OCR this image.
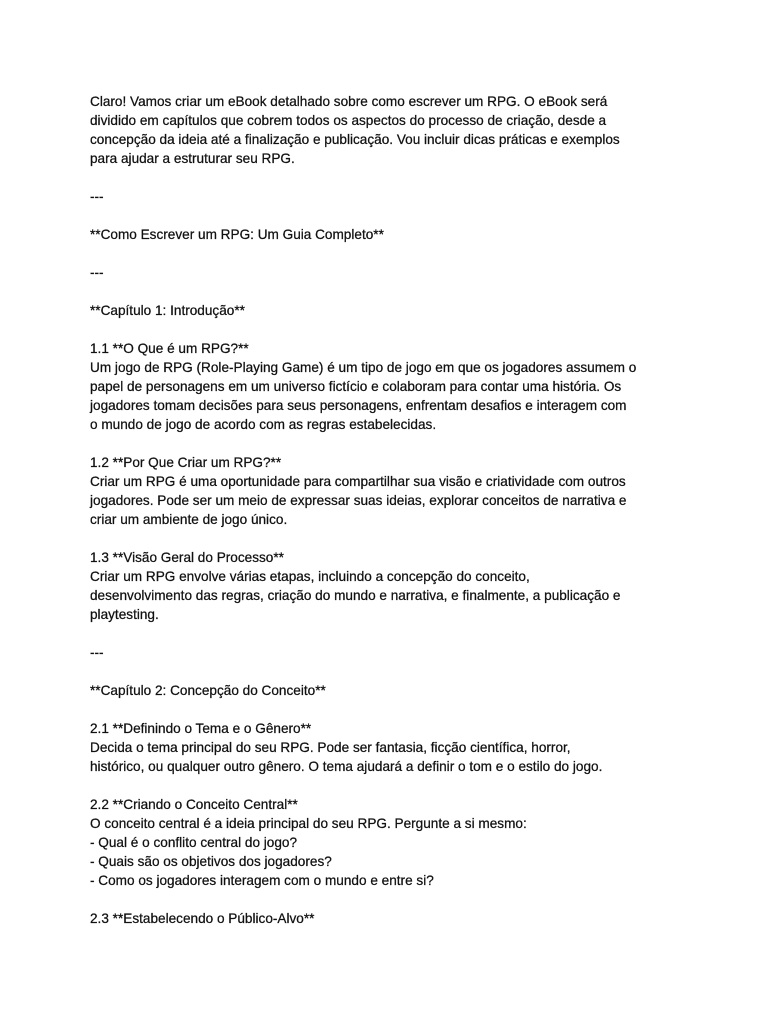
Claro! Vamos criar um eBook detalhado sobre como escrever um RPG. O eBook será
dividido em capítulos que cobrem todos os aspectos do processo de criação, desde a
concepção da ideia até a finalização e publicação. Vou incluir dicas práticas e exemplos
para ajudar a estruturar seu RPG.

---

**Como Escrever um RPG: Um Guia Completo**

---

**Capítulo 1: Introdução**

1.1 **O Que é um RPG?**

Um jogo de RPG (Role-Playing Game) é um tipo de jogo em que os jogadores assumem o
papel de personagens em um universo fictício e colaboram para contar uma história. Os
jogadores tomam decisões para seus personagens, enfrentam desafios e interagem com
o mundo de jogo de acordo com as regras estabelecidas.

1.2 **Por Que Criar um RPG?**

Criar um RPG é uma oportunidade para compartilhar sua visão e criatividade com outros
jogadores. Pode ser um meio de expressar suas ideias, explorar conceitos de narrativa e
criar um ambiente de jogo único.

1.3 **Visão Geral do Processo**

Criar um RPG envolve várias etapas, incluindo a concepção do conceito,
desenvolvimento das regras, criação do mundo e narrativa, e finalmente, a publicação e
playtesting.

---

**Capítulo 2: Concepção do Conceito**

2.1 **Definindo o Tema e o Gênero**

Decida o tema principal do seu RPG. Pode ser fantasia, ficção científica, horror,
histórico, ou qualquer outro gênero. O tema ajudará a definir o tom e o estilo do jogo.

2.2 **Criando o Conceito Central**

O conceito central é a ideia principal do seu RPG. Pergunte a si mesmo:
- Qual é o conflito central do jogo?
- Quais são os objetivos dos jogadores?
- Como os jogadores interagem com o mundo e entre si?

2.3 **Estabelecendo o Público-Alvo**
